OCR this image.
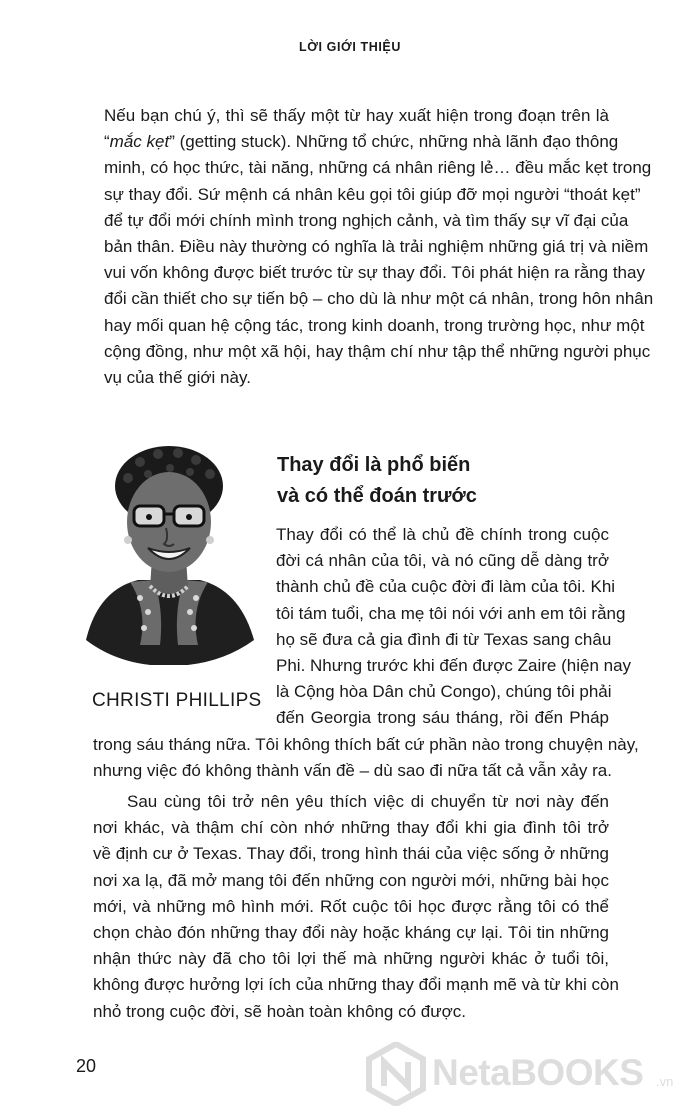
LỜI GIỚI THIỆU
Nếu bạn chú ý, thì sẽ thấy một từ hay xuất hiện trong đoạn trên là
“mắc kẹt” (getting stuck). Những tổ chức, những nhà lãnh đạo thông
minh, có học thức, tài năng, những cá nhân riêng lẻ… đều mắc kẹt trong
sự thay đổi. Sứ mệnh cá nhân kêu gọi tôi giúp đỡ mọi người “thoát kẹt”
để tự đổi mới chính mình trong nghịch cảnh, và tìm thấy sự vĩ đại của
bản thân. Điều này thường có nghĩa là trải nghiệm những giá trị và niềm
vui vốn không được biết trước từ sự thay đổi. Tôi phát hiện ra rằng thay
đổi cần thiết cho sự tiến bộ – cho dù là như một cá nhân, trong hôn nhân
hay mối quan hệ cộng tác, trong kinh doanh, trong trường học, như một
cộng đồng, như một xã hội, hay thậm chí như tập thể những người phục
vụ của thế giới này.
Thay đổi là phổ biến
và có thể đoán trước
Thay đổi có thể là chủ đề chính trong cuộc
đời cá nhân của tôi, và nó cũng dễ dàng trở
thành chủ đề của cuộc đời đi làm của tôi. Khi
tôi tám tuổi, cha mẹ tôi nói với anh em tôi rằng
họ sẽ đưa cả gia đình đi từ Texas sang châu
Phi. Nhưng trước khi đến được Zaire (hiện nay
là Cộng hòa Dân chủ Congo), chúng tôi phải
đến Georgia trong sáu tháng, rồi đến Pháp
CHRISTI PHILLIPS
trong sáu tháng nữa. Tôi không thích bất cứ phần nào trong chuyện này,
nhưng việc đó không thành vấn đề – dù sao đi nữa tất cả vẫn xảy ra.
Sau cùng tôi trở nên yêu thích việc di chuyển từ nơi này đến
nơi khác, và thậm chí còn nhớ những thay đổi khi gia đình tôi trở
về định cư ở Texas. Thay đổi, trong hình thái của việc sống ở những
nơi xa lạ, đã mở mang tôi đến những con người mới, những bài học
mới, và những mô hình mới. Rốt cuộc tôi học được rằng tôi có thể
chọn chào đón những thay đổi này hoặc kháng cự lại. Tôi tin những
nhận thức này đã cho tôi lợi thế mà những người khác ở tuổi tôi,
không được hưởng lợi ích của những thay đổi mạnh mẽ và từ khi còn
nhỏ trong cuộc đời, sẽ hoàn toàn không có được.
20	NetaBOOKS .vn
